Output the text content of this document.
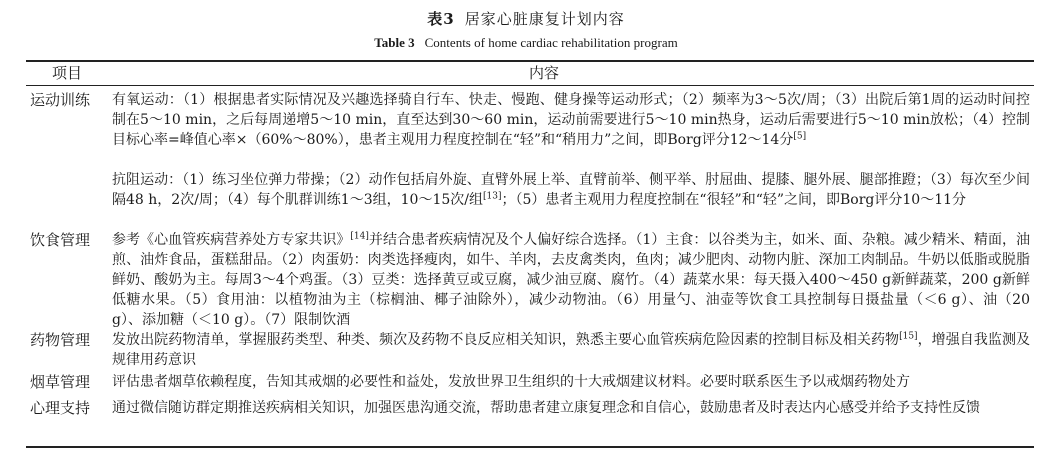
表3 居家心脏康复计划内容
Table 3 Contents of home cardiac rehabilitation program
项目	内容
运动训练	有氧运动：（1）根据患者实际情况及兴趣选择骑自行车、快走、慢跑、健身操等运动形式；（2）频率为3～5次/周；（3）出院后第1周的运动时间控制在5～10 min，之后每周递增5～10 min，直至达到30～60 min，运动前需要进行5～10 min热身，运动后需要进行5～10 min放松；（4）控制目标心率=峰值心率×（60%～80%），患者主观用力程度控制在“轻”和“稍用力”之间，即Borg评分12～14分[5]
抗阻运动：（1）练习坐位弹力带操；（2）动作包括肩外旋、直臂外展上举、直臂前举、侧平举、肘屈曲、提膝、腿外展、腿部推蹬；（3）每次至少间隔48 h，2次/周；（4）每个肌群训练1～3组，10～15次/组[13]；（5）患者主观用力程度控制在“很轻”和“轻”之间，即Borg评分10～11分
饮食管理	参考《心血管疾病营养处方专家共识》[14]并结合患者疾病情况及个人偏好综合选择。（1）主食：以谷类为主，如米、面、杂粮。减少精米、精面，油煎、油炸食品，蛋糕甜品。（2）肉蛋奶：肉类选择瘦肉，如牛、羊肉，去皮禽类肉，鱼肉；减少肥肉、动物内脏、深加工肉制品。牛奶以低脂或脱脂鲜奶、酸奶为主。每周3～4个鸡蛋。（3）豆类：选择黄豆或豆腐，减少油豆腐、腐竹。（4）蔬菜水果：每天摄入400～450 g新鲜蔬菜，200 g新鲜低糖水果。（5）食用油：以植物油为主（棕榈油、椰子油除外），减少动物油。（6）用量勺、油壶等饮食工具控制每日摄盐量（＜6 g）、油（20 g）、添加糖（＜10 g）。（7）限制饮酒
药物管理	发放出院药物清单，掌握服药类型、种类、频次及药物不良反应相关知识，熟悉主要心血管疾病危险因素的控制目标及相关药物[15]，增强自我监测及规律用药意识
烟草管理	评估患者烟草依赖程度，告知其戒烟的必要性和益处，发放世界卫生组织的十大戒烟建议材料。必要时联系医生予以戒烟药物处方
心理支持	通过微信随访群定期推送疾病相关知识，加强医患沟通交流，帮助患者建立康复理念和自信心，鼓励患者及时表达内心感受并给予支持性反馈
